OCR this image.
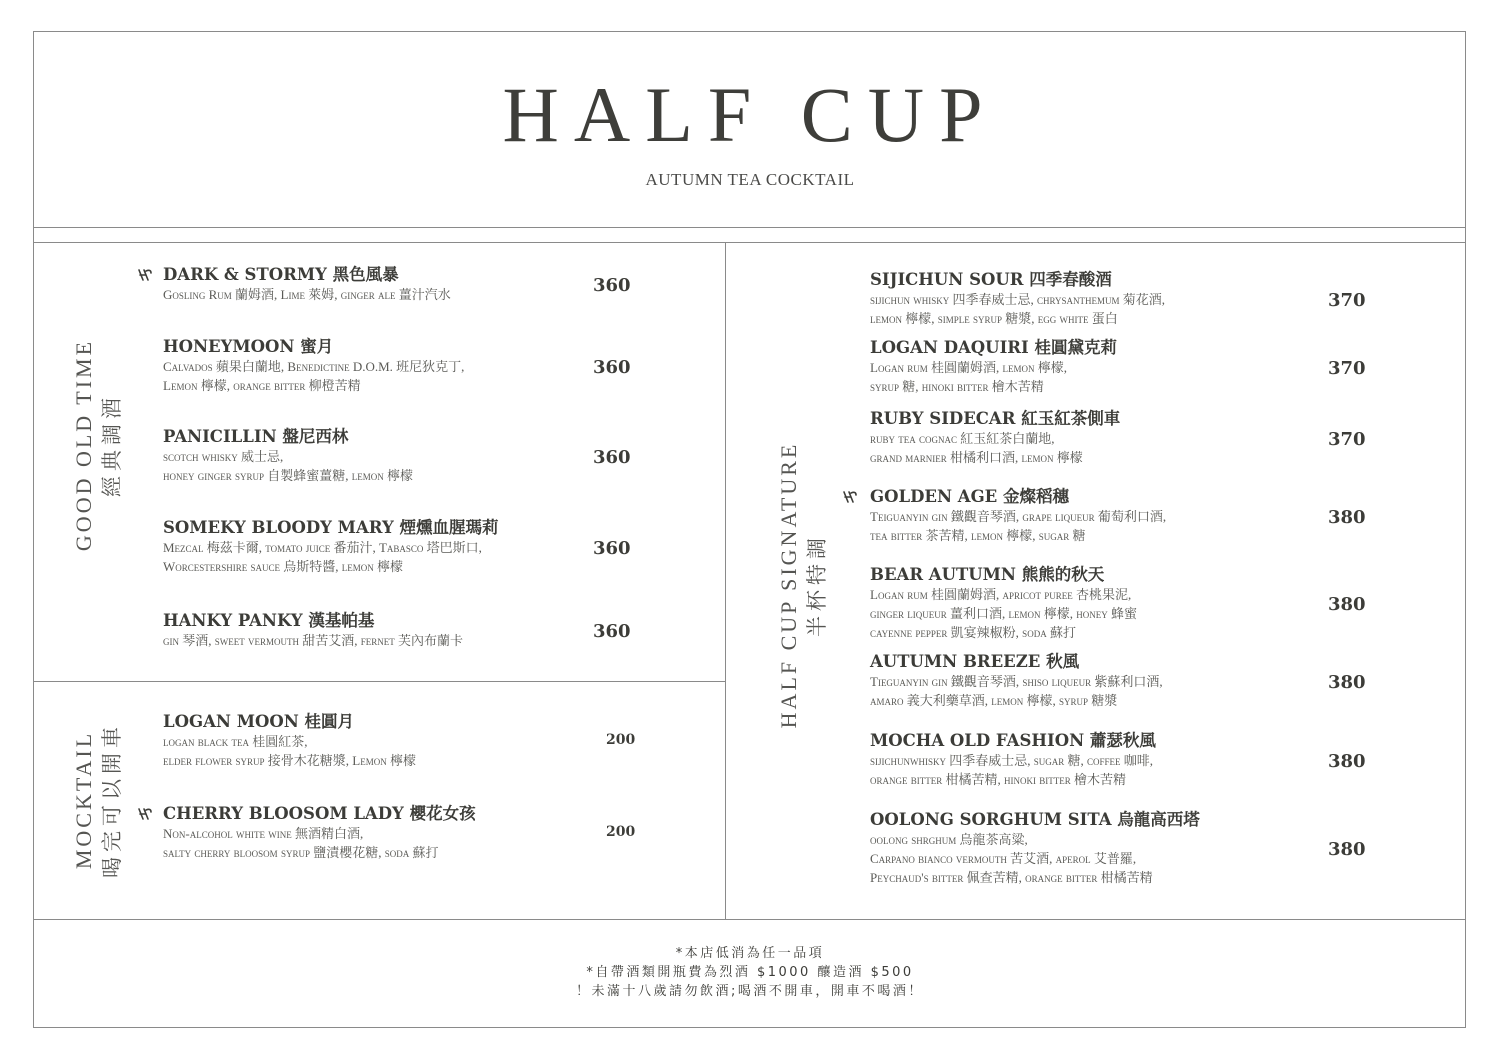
HALF CUP
AUTUMN TEA COCKTAIL
GOOD OLD TIME 經典調酒
MOCKTAIL 喝完可以開車
HALF CUP SIGNATURE 半杯特調
DARK & STORMY 黑色風暴
Gosling Rum 蘭姆酒, Lime 萊姆, ginger ale 薑汁汽水	360
HONEYMOON 蜜月
Calvados 蘋果白蘭地, Benedictine D.O.M. 班尼狄克丁,
Lemon 檸檬, orange bitter 柳橙苦精
360
PANICILLIN 盤尼西林
scotch whisky 威士忌,
honey ginger syrup 自製蜂蜜薑糖, lemon 檸檬
360
SOMEKY BLOODY MARY 煙燻血腥瑪莉
Mezcal 梅茲卡爾, tomato juice 番茄汁, Tabasco 塔巴斯口,
Worcestershire sauce 烏斯特醬, lemon 檸檬
360
HANKY PANKY 漢基帕基
gin 琴酒, sweet vermouth 甜苦艾酒, fernet 芙內布蘭卡	360
LOGAN MOON 桂圓月
logan black tea 桂圓紅茶,
elder flower syrup 接骨木花糖漿, Lemon 檸檬
200
CHERRY BLOOSOM LADY 櫻花女孩
Non-alcohol white wine 無酒精白酒,
salty cherry bloosom syrup 鹽漬櫻花糖, soda 蘇打
200
SIJICHUN SOUR 四季春酸酒
sijichun whisky 四季春威士忌, chrysanthemum 菊花酒,
lemon 檸檬, simple syrup 糖漿, egg white 蛋白
370
LOGAN DAQUIRI 桂圓黛克莉
Logan rum 桂圓蘭姆酒, lemon 檸檬,
syrup 糖, hinoki bitter 檜木苦精
370
RUBY SIDECAR 紅玉紅茶側車
ruby tea cognac 紅玉紅茶白蘭地,
grand marnier 柑橘利口酒, lemon 檸檬
370
GOLDEN AGE 金燦稻穗
Teiguanyin gin 鐵觀音琴酒, grape liqueur 葡萄利口酒,
tea bitter 茶苦精, lemon 檸檬, sugar 糖
380
BEAR AUTUMN 熊熊的秋天
Logan rum 桂圓蘭姆酒, apricot puree 杏桃果泥,
ginger liqueur 薑利口酒, lemon 檸檬, honey 蜂蜜
cayenne pepper 凱宴辣椒粉, soda 蘇打
380
AUTUMN BREEZE 秋風
Tieguanyin gin 鐵觀音琴酒, shiso liqueur 紫蘇利口酒,
amaro 義大利藥草酒, lemon 檸檬, syrup 糖漿
380
MOCHA OLD FASHION 蕭瑟秋風
sijichunwhisky 四季春威士忌, sugar 糖, coffee 咖啡,
orange bitter 柑橘苦精, hinoki bitter 檜木苦精
380
OOLONG SORGHUM SITA 烏龍高西塔
oolong shrghum 烏龍茶高粱,
Carpano bianco vermouth 苦艾酒, aperol 艾普羅,
Peychaud's bitter 佩查苦精, orange bitter 柑橘苦精
380
*本店低消為任一品項
*自帶酒類開瓶費為烈酒 $1000 釀造酒 $500
！未滿十八歲請勿飲酒;喝酒不開車，開車不喝酒！
